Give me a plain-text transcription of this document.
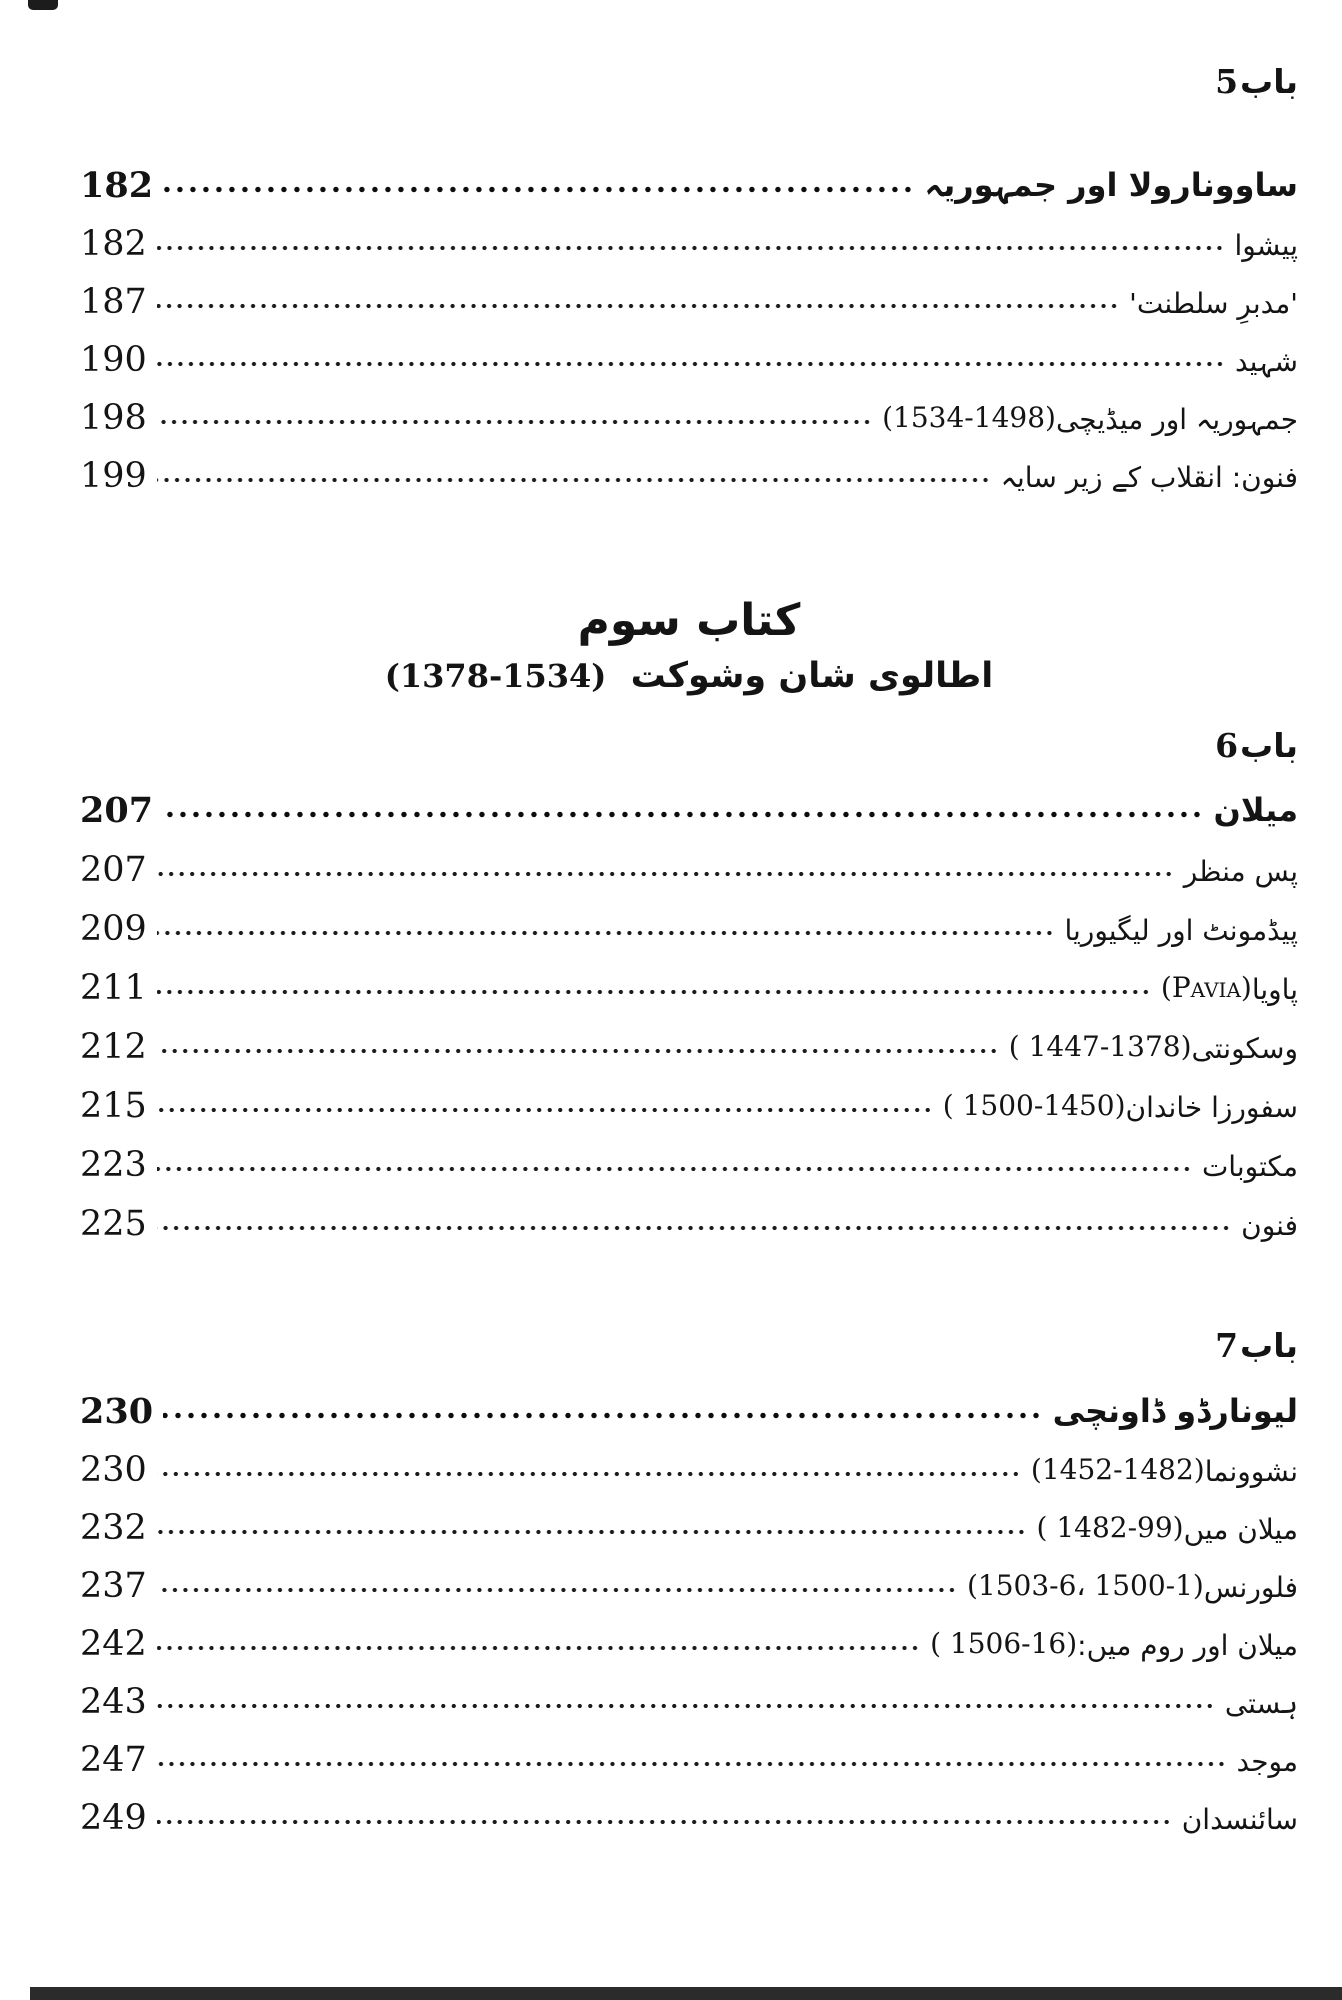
باب
5
ساوونارولا اور جمہوریہ
182
پیشوا
182
'مدبرِ سلطنت'
187
شہید
190
جمہوریہ اور میڈیچی
(1534-1498)
198
فنون: انقلاب کے زیر سایہ
199
کتاب سوم
اطالوی شان وشوکت (1378-1534)
باب
6
میلان
207
پس منظر
207
پیڈمونٹ اور لیگیوریا
209
پاویا
(Pavia)
211
وسکونتی
( 1447-1378)
212
سفورزا خاندان
( 1500-1450)
215
مکتوبات
223
فنون
225
باب
7
لیونارڈو ڈاونچی
230
نشوونما
(1452-1482)
230
میلان میں
( 1482-99)
232
فلورنس
(1503-6، 1500-1)
237
میلان اور روم میں:
( 1506-16)
242
ہستی
243
موجد
247
سائنسدان
249
